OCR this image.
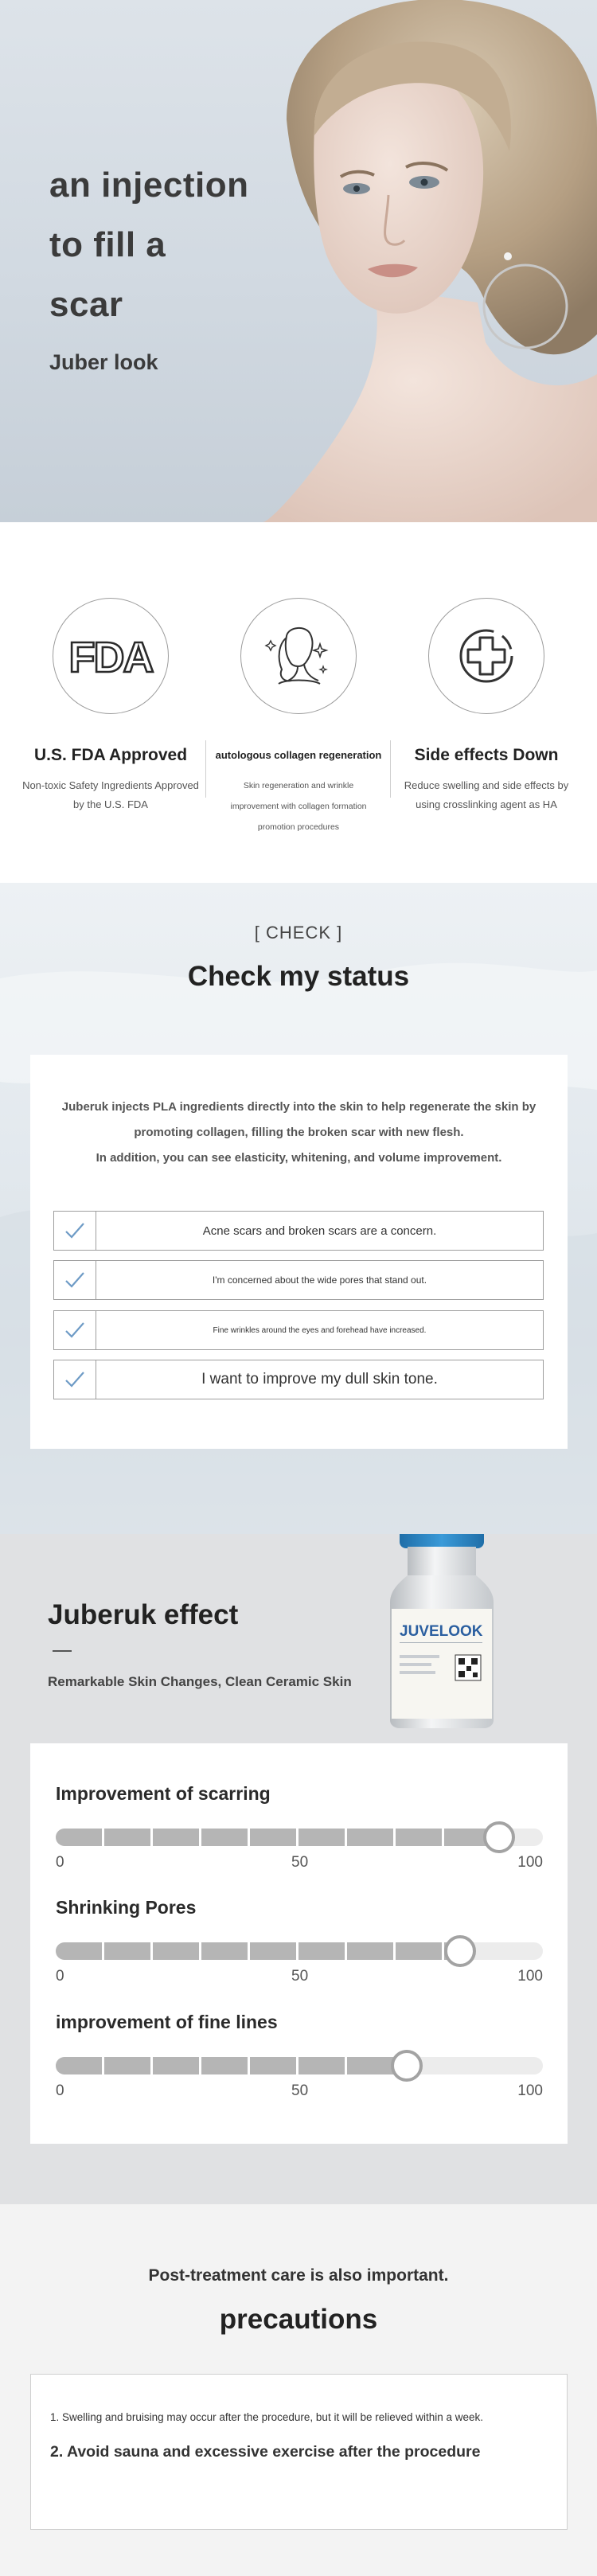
an injection
to fill a
scar
Juber look
FDA
U.S. FDA Approved
Non-toxic Safety Ingredients Approved by the U.S. FDA
autologous collagen regeneration
Skin regeneration and wrinkle improvement with collagen formation promotion procedures
Side effects Down
Reduce swelling and side effects by using crosslinking agent as HA
[ CHECK ]
Check my status
Juberuk injects PLA ingredients directly into the skin to help regenerate the skin by
promoting collagen, filling the broken scar with new flesh.
In addition, you can see elasticity, whitening, and volume improvement.
Acne scars and broken scars are a concern.
I'm concerned about the wide pores that stand out.
Fine wrinkles around the eyes and forehead have increased.
I want to improve my dull skin tone.
Juberuk effect
Remarkable Skin Changes, Clean Ceramic Skin
JUVELOOK
Improvement of scarring
0	50	100
Shrinking Pores
0	50	100
improvement of fine lines
0	50	100
Post-treatment care is also important.
precautions
1. Swelling and bruising may occur after the procedure, but it will be relieved within a week.
2. Avoid sauna and excessive exercise after the procedure
